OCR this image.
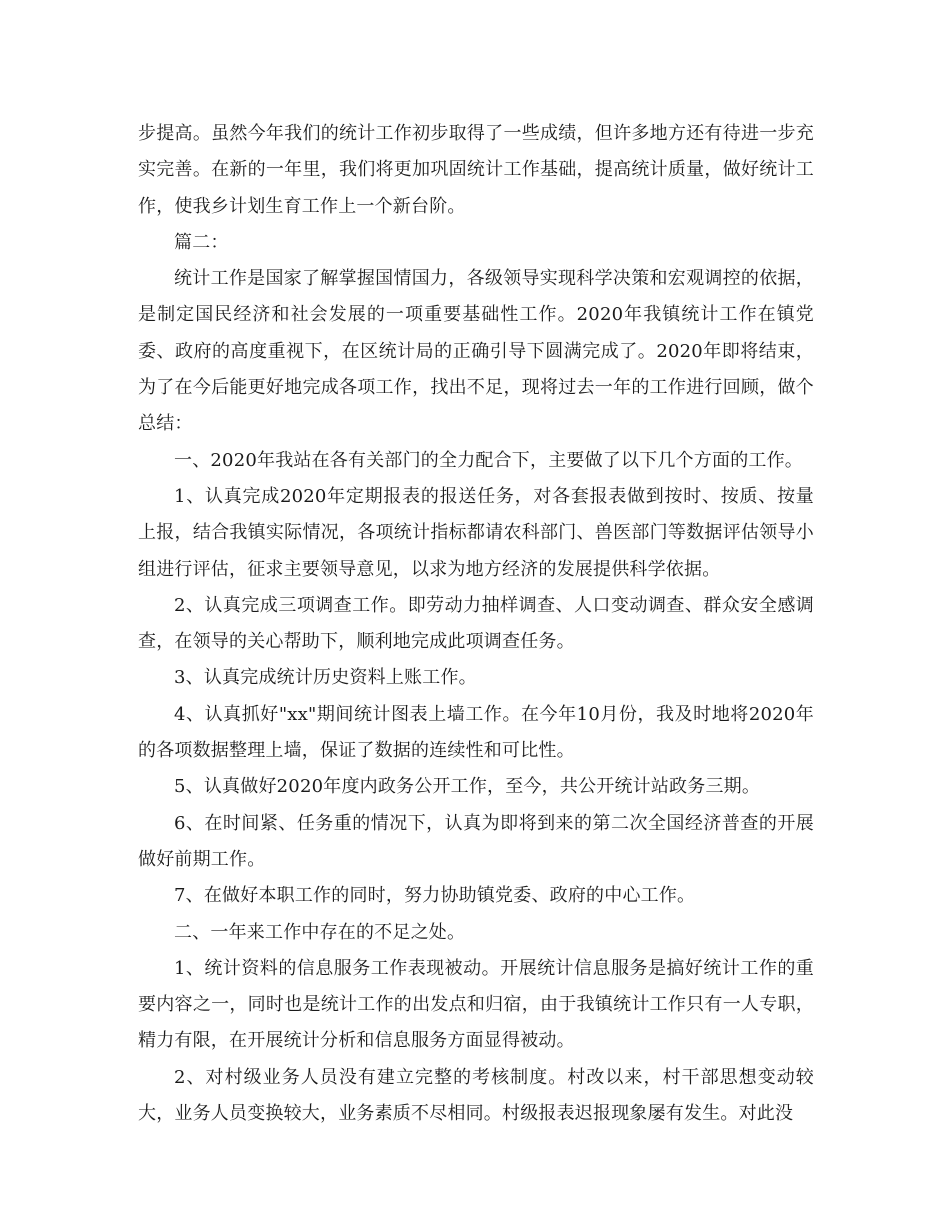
步提高。虽然今年我们的统计工作初步取得了一些成绩，但许多地方还有待进一步充实完善。在新的一年里，我们将更加巩固统计工作基础，提高统计质量，做好统计工作，使我乡计划生育工作上一个新台阶。

篇二：

统计工作是国家了解掌握国情国力，各级领导实现科学决策和宏观调控的依据，是制定国民经济和社会发展的一项重要基础性工作。2020年我镇统计工作在镇党委、政府的高度重视下，在区统计局的正确引导下圆满完成了。2020年即将结束，为了在今后能更好地完成各项工作，找出不足，现将过去一年的工作进行回顾，做个总结：

一、2020年我站在各有关部门的全力配合下，主要做了以下几个方面的工作。

1、认真完成2020年定期报表的报送任务，对各套报表做到按时、按质、按量上报，结合我镇实际情况，各项统计指标都请农科部门、兽医部门等数据评估领导小组进行评估，征求主要领导意见，以求为地方经济的发展提供科学依据。

2、认真完成三项调查工作。即劳动力抽样调查、人口变动调查、群众安全感调查，在领导的关心帮助下，顺利地完成此项调查任务。

3、认真完成统计历史资料上账工作。

4、认真抓好"xx"期间统计图表上墙工作。在今年10月份，我及时地将2020年的各项数据整理上墙，保证了数据的连续性和可比性。

5、认真做好2020年度内政务公开工作，至今，共公开统计站政务三期。

6、在时间紧、任务重的情况下，认真为即将到来的第二次全国经济普查的开展做好前期工作。

7、在做好本职工作的同时，努力协助镇党委、政府的中心工作。

二、一年来工作中存在的不足之处。

1、统计资料的信息服务工作表现被动。开展统计信息服务是搞好统计工作的重要内容之一，同时也是统计工作的出发点和归宿，由于我镇统计工作只有一人专职，精力有限，在开展统计分析和信息服务方面显得被动。

2、对村级业务人员没有建立完整的考核制度。村改以来，村干部思想变动较大，业务人员变换较大，业务素质不尽相同。村级报表迟报现象屡有发生。对此没
